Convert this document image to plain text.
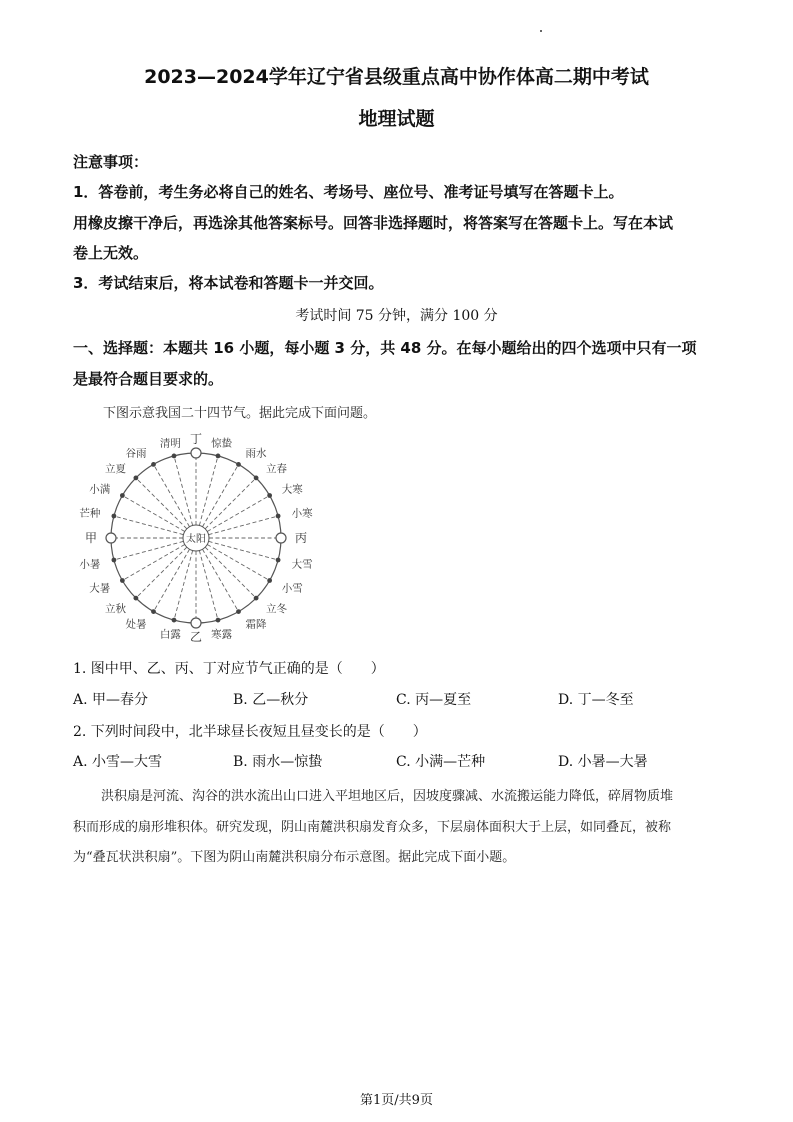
2023—2024学年辽宁省县级重点高中协作体高二期中考试
地理试题
注意事项：
1．答卷前，考生务必将自己的姓名、考场号、座位号、准考证号填写在答题卡上。
用橡皮擦干净后，再选涂其他答案标号。回答非选择题时，将答案写在答题卡上。写在本试
卷上无效。
3．考试结束后，将本试卷和答题卡一并交回。
考试时间 75 分钟，满分 100 分
一、选择题：本题共 16 小题，每小题 3 分，共 48 分。在每小题给出的四个选项中只有一项
是最符合题目要求的。
下图示意我国二十四节气。据此完成下面问题。
太阳	丙
大雪
小雪
立冬
霜降
寒露
乙
白露
处暑
立秋
大暑
小暑
甲
芒种
小满
立夏
谷雨
清明 丁 惊蛰
雨水
立春
大寒
小寒
1. 图中甲、乙、丙、丁对应节气正确的是（　　）
A. 甲—春分	B. 乙—秋分	C. 丙—夏至	D. 丁—冬至
2. 下列时间段中，北半球昼长夜短且昼变长的是（　　）
A. 小雪—大雪	B. 雨水—惊蛰	C. 小满—芒种	D. 小暑—大暑
洪积扇是河流、沟谷的洪水流出山口进入平坦地区后，因坡度骤减、水流搬运能力降低，碎屑物质堆
积而形成的扇形堆积体。研究发现，阴山南麓洪积扇发育众多，下层扇体面积大于上层，如同叠瓦，被称
为“叠瓦状洪积扇”。下图为阴山南麓洪积扇分布示意图。据此完成下面小题。
第1页/共9页
